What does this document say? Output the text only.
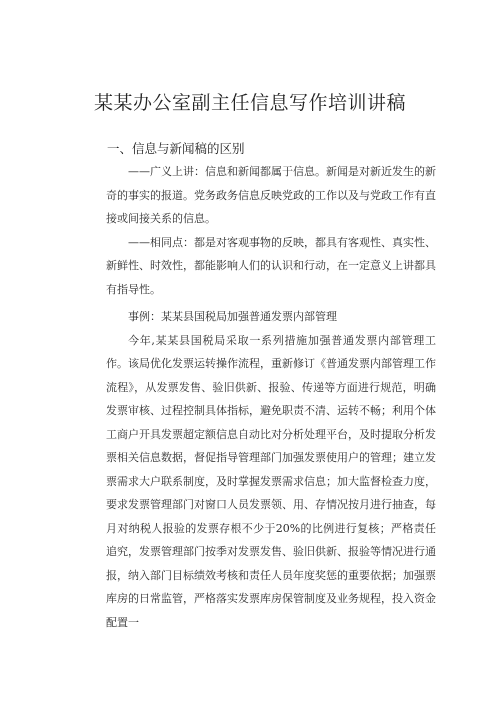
某某办公室副主任信息写作培训讲稿
一、信息与新闻稿的区别

——广义上讲：信息和新闻都属于信息。新闻是对新近发生的新奇的事实的报道。党务政务信息反映党政的工作以及与党政工作有直接或间接关系的信息。

——相同点：都是对客观事物的反映，都具有客观性、真实性、新鲜性、时效性，都能影响人们的认识和行动，在一定意义上讲都具有指导性。

事例：某某县国税局加强普通发票内部管理

今年,某某县国税局采取一系列措施加强普通发票内部管理工作。该局优化发票运转操作流程，重新修订《普通发票内部管理工作流程》，从发票发售、验旧供新、报验、传递等方面进行规范，明确发票审核、过程控制具体指标，避免职责不清、运转不畅；利用个体工商户开具发票超定额信息自动比对分析处理平台，及时提取分析发票相关信息数据，督促指导管理部门加强发票使用户的管理；建立发票需求大户联系制度，及时掌握发票需求信息；加大监督检查力度，要求发票管理部门对窗口人员发票领、用、存情况按月进行抽查，每月对纳税人报验的发票存根不少于20%的比例进行复核；严格责任追究，发票管理部门按季对发票发售、验旧供新、报验等情况进行通报，纳入部门目标绩效考核和责任人员年度奖惩的重要依据；加强票库房的日常监管，严格落实发票库房保管制度及业务规程，投入资金配置一
